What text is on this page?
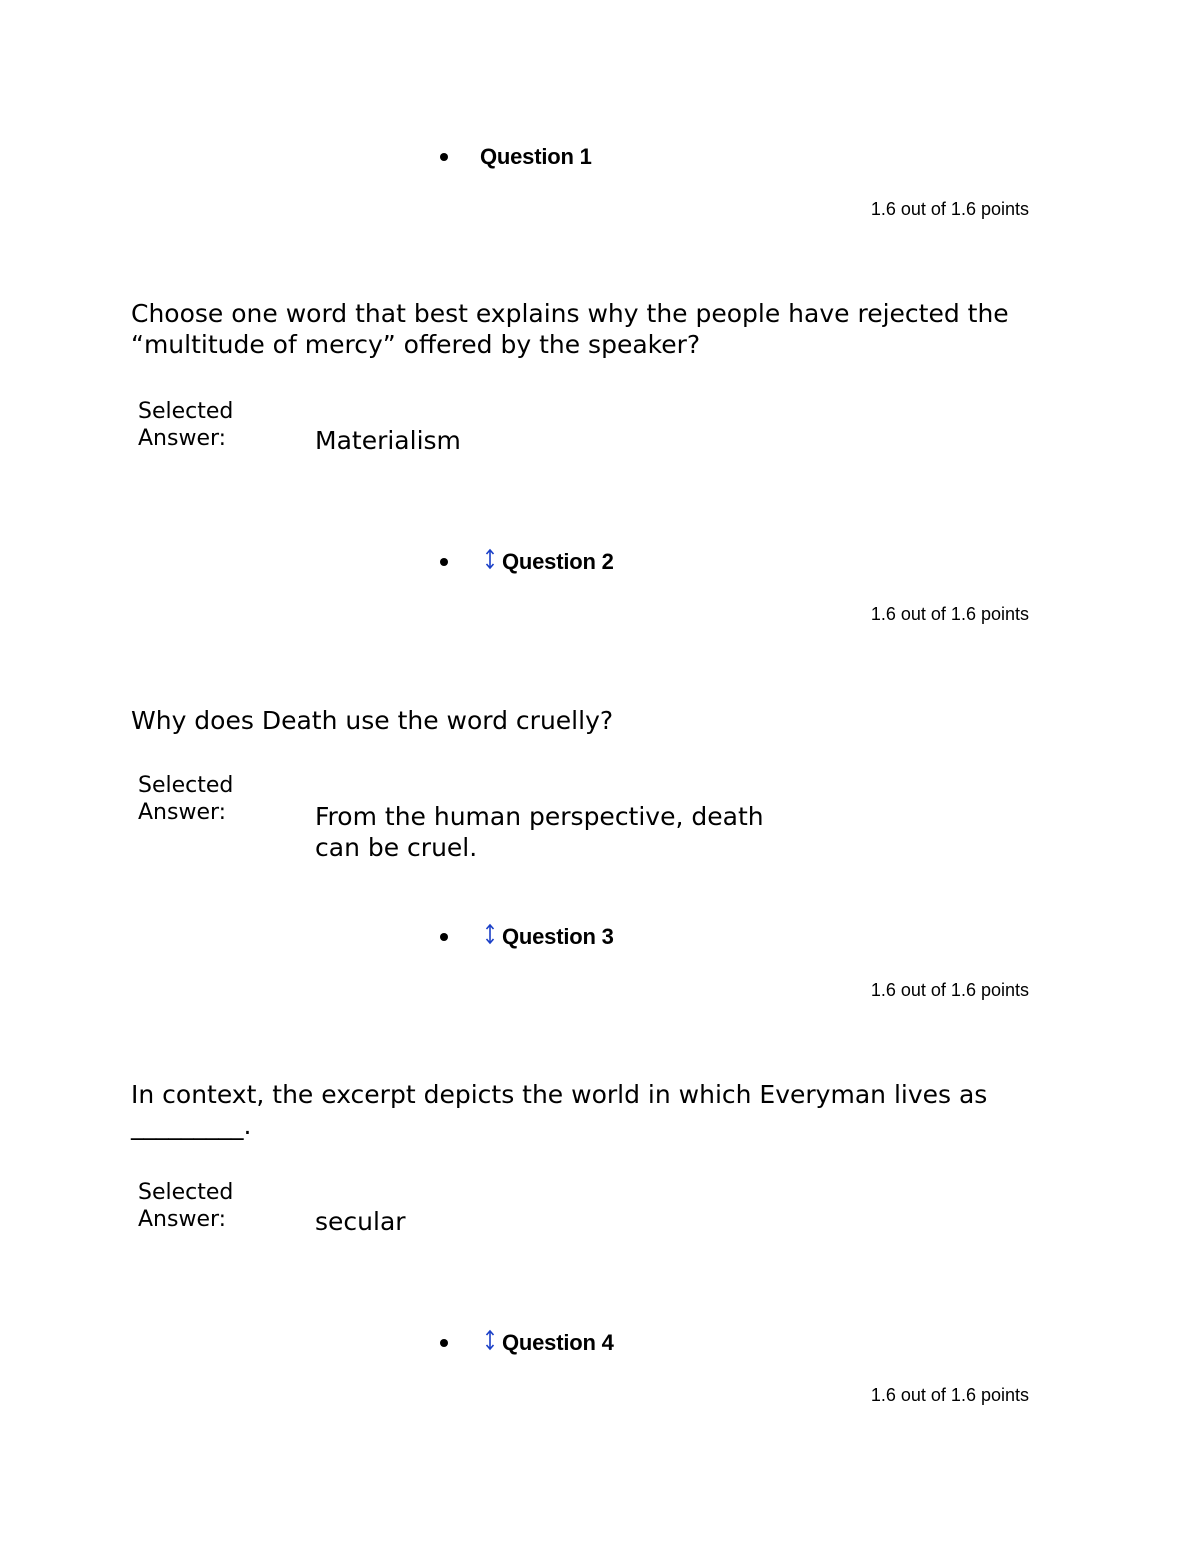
Question 1
1.6 out of 1.6 points
Choose one word that best explains why the people have rejected the “multitude of mercy” offered by the speaker?
Selected Answer:	Materialism
Question 2
1.6 out of 1.6 points
Why does Death use the word cruelly?
Selected Answer:	From the human perspective, death can be cruel.
Question 3
1.6 out of 1.6 points
In context, the excerpt depicts the world in which Everyman lives as _________.
Selected Answer:	secular
Question 4
1.6 out of 1.6 points
